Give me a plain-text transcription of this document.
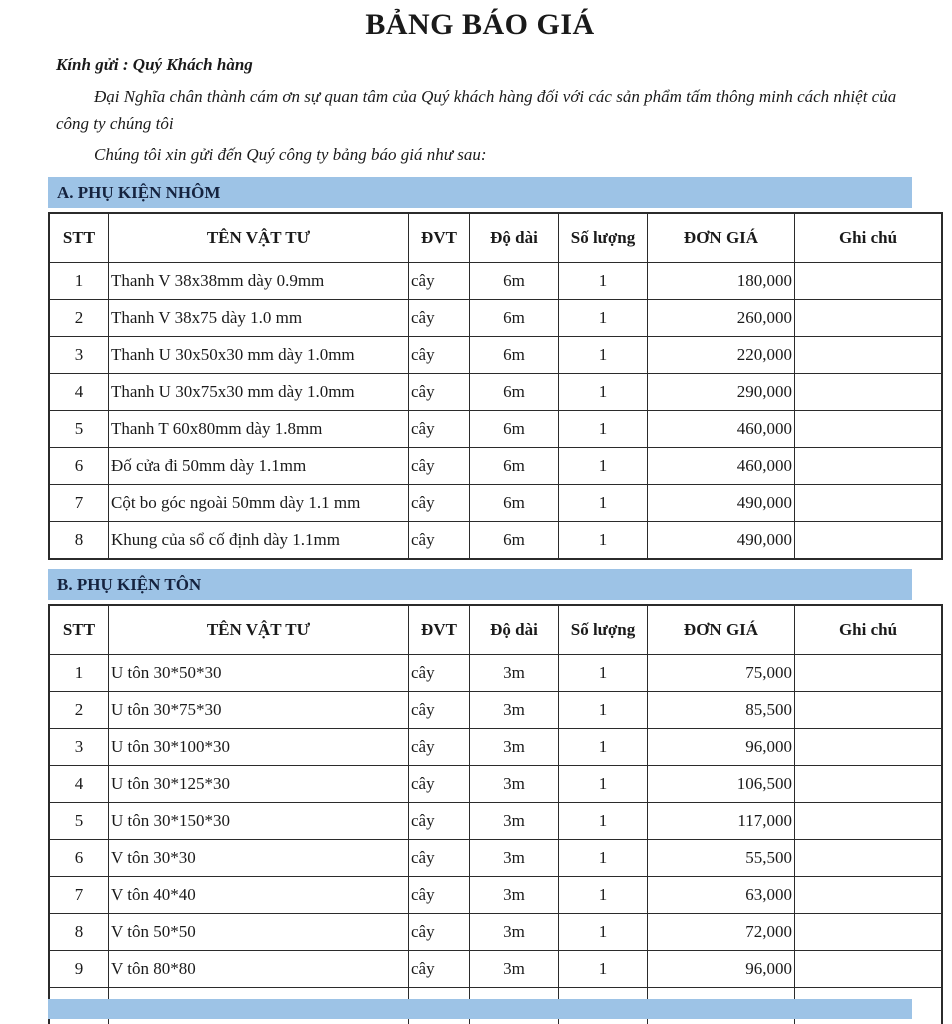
BẢNG BÁO GIÁ
Kính gửi : Quý Khách hàng
Đại Nghĩa chân thành cám ơn sự quan tâm của Quý khách hàng đối với các sản phẩm tấm thông minh cách nhiệt của công ty chúng tôi
Chúng tôi xin gửi đến Quý công ty bảng báo giá như sau:
A. PHỤ KIỆN NHÔM
STT	TÊN VẬT TƯ	ĐVT	Độ dài	Số lượng	ĐƠN GIÁ	Ghi chú
1	Thanh V 38x38mm dày 0.9mm	cây	6m	1	180,000	
2	Thanh V 38x75 dày 1.0 mm	cây	6m	1	260,000	
3	Thanh U 30x50x30 mm dày 1.0mm	cây	6m	1	220,000	
4	Thanh U 30x75x30 mm dày 1.0mm	cây	6m	1	290,000	
5	Thanh T 60x80mm dày 1.8mm	cây	6m	1	460,000	
6	Đố cửa đi 50mm dày 1.1mm	cây	6m	1	460,000	
7	Cột bo góc ngoài 50mm dày 1.1 mm	cây	6m	1	490,000	
8	Khung của sổ cố định dày 1.1mm	cây	6m	1	490,000	
B. PHỤ KIỆN TÔN
STT	TÊN VẬT TƯ	ĐVT	Độ dài	Số lượng	ĐƠN GIÁ	Ghi chú
1	U tôn 30*50*30	cây	3m	1	75,000	
2	U tôn 30*75*30	cây	3m	1	85,500	
3	U tôn 30*100*30	cây	3m	1	96,000	
4	U tôn 30*125*30	cây	3m	1	106,500	
5	U tôn 30*150*30	cây	3m	1	117,000	
6	V tôn 30*30	cây	3m	1	55,500	
7	V tôn 40*40	cây	3m	1	63,000	
8	V tôn 50*50	cây	3m	1	72,000	
9	V tôn 80*80	cây	3m	1	96,000	
